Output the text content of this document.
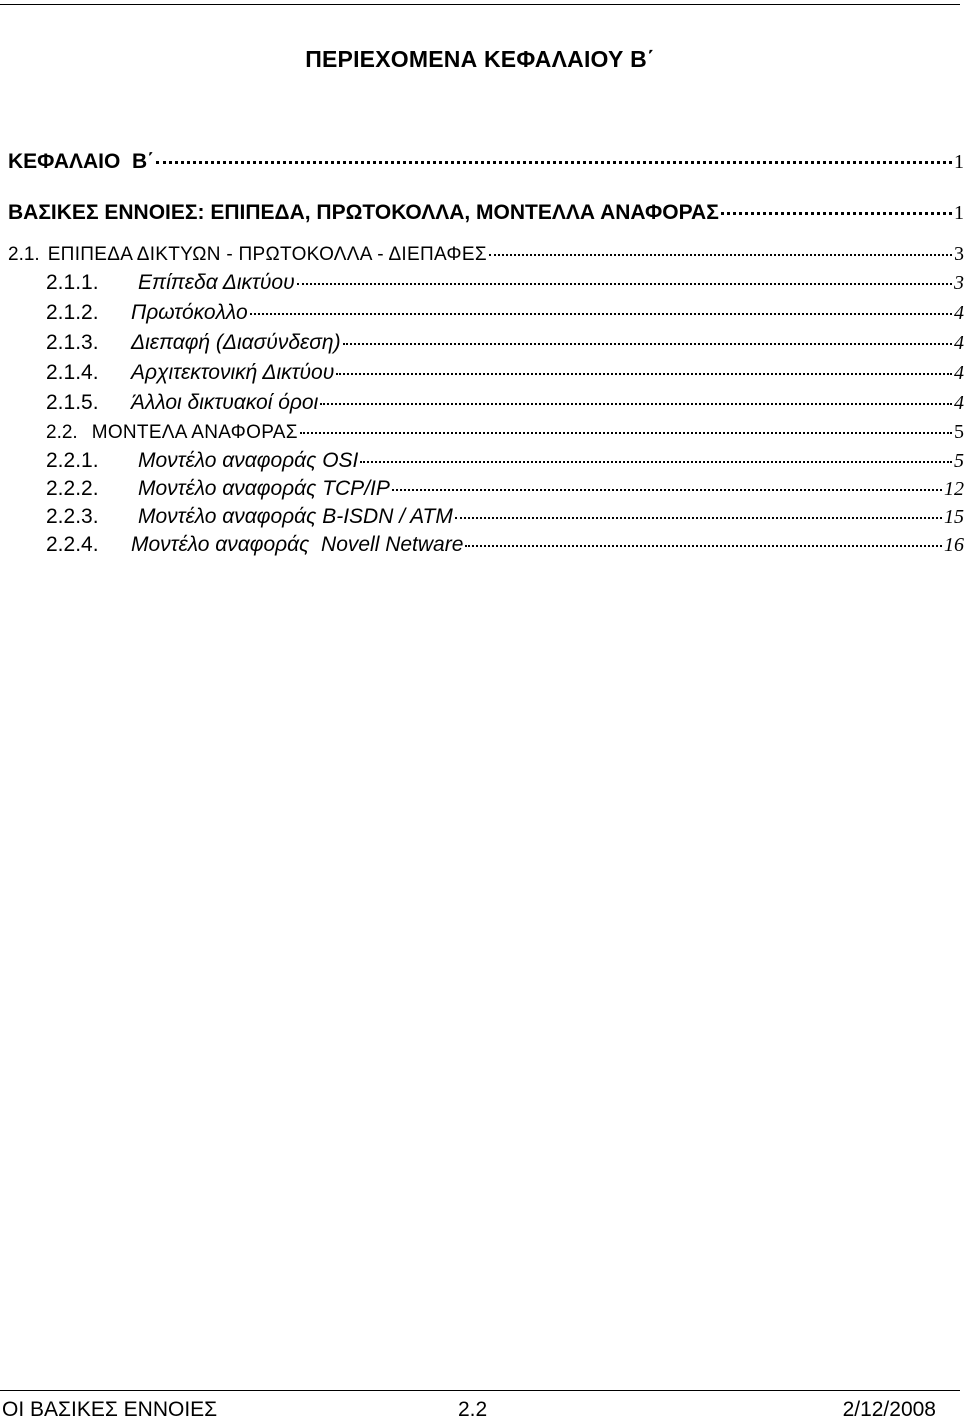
ΠΕΡΙΕΧΟΜΕΝΑ ΚΕΦΑΛΑΙΟΥ Β΄
ΚΕΦΑΛΑΙΟ  Β΄	1
ΒΑΣΙΚΕΣ ΕΝΝΟΙΕΣ: ΕΠΙΠΕΔΑ, ΠΡΩΤΟΚΟΛΛΑ, ΜΟΝΤΕΛΛΑ ΑΝΑΦΟΡΑΣ	1
2.1. ΕΠΙΠΕΔΑ ΔΙΚΤΥΩΝ - ΠΡΩΤΟΚΟΛΛΑ - ΔΙΕΠΑΦΕΣ	3
2.1.1.	Επίπεδα Δικτύου	3
2.1.2.	Πρωτόκολλο	4
2.1.3.	Διεπαφή (Διασύνδεση)	4
2.1.4.	Αρχιτεκτονική Δικτύου	4
2.1.5.	Άλλοι δικτυακοί όροι	4
2.2. ΜΟΝΤΕΛΑ ΑΝΑΦΟΡΑΣ	5
2.2.1.	Μοντέλο αναφοράς OSI	5
2.2.2.	Μοντέλο αναφοράς TCP/IP	12
2.2.3.	Μοντέλο αναφοράς B-ISDN / ATM	15
2.2.4.	Μοντέλο αναφοράς  Novell Netware	16
ΟΙ ΒΑΣΙΚΕΣ ΕΝΝΟΙΕΣ	2.2	2/12/2008
